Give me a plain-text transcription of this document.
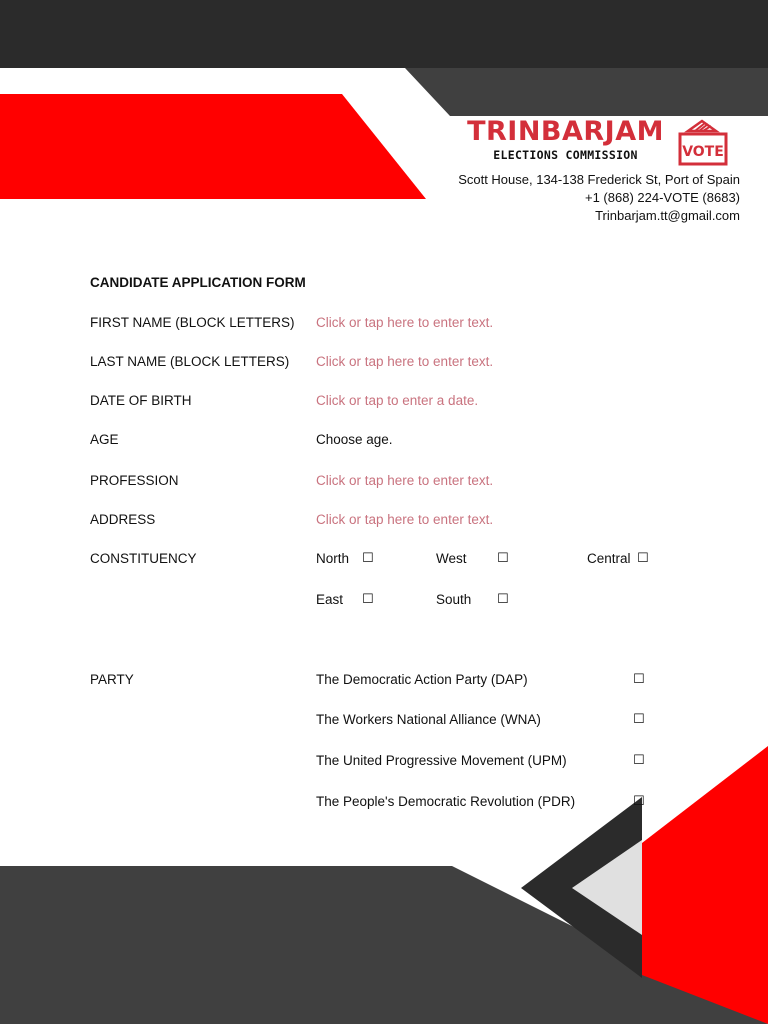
TRINBARJAM
ELECTIONS COMMISSION	VOTE
Scott House, 134-138 Frederick St, Port of Spain
+1 (868) 224-VOTE (8683)
Trinbarjam.tt@gmail.com
CANDIDATE APPLICATION FORM
FIRST NAME (BLOCK LETTERS) Click or tap here to enter text.
LAST NAME (BLOCK LETTERS) Click or tap here to enter text.
DATE OF BIRTH	Click or tap to enter a date.
AGE	Choose age.
PROFESSION	Click or tap here to enter text.
ADDRESS	Click or tap here to enter text.
CONSTITUENCY	North ☐	West ☐	Central ☐
East ☐	South ☐
PARTY	The Democratic Action Party (DAP)	☐
The Workers National Alliance (WNA)	☐
The United Progressive Movement (UPM)	☐
The People's Democratic Revolution (PDR)	☐
